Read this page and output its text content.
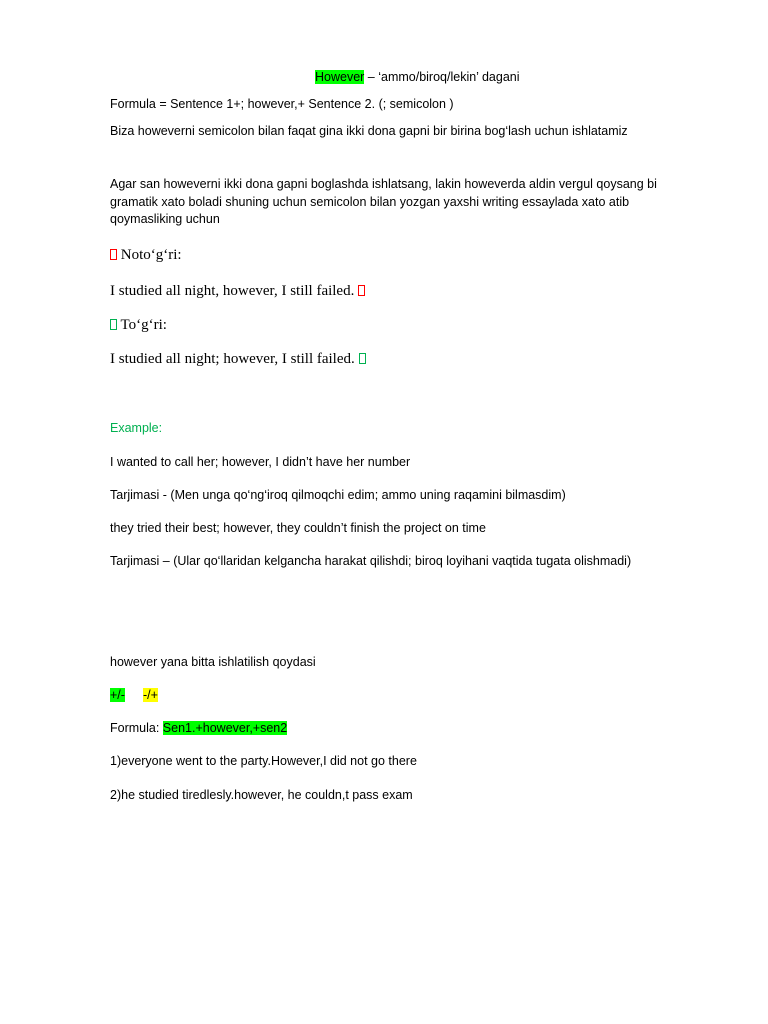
However – ‘ammo/biroq/lekin’ dagani
Formula = Sentence 1+; however,+ Sentence 2. (; semicolon )
Biza howeverni semicolon bilan faqat gina ikki dona gapni bir birina bog‘lash uchun ishlatamiz
Agar san howeverni ikki dona gapni boglashda ishlatsang, lakin howeverda aldin vergul qoysang bi gramatik xato boladi shuning uchun semicolon bilan yozgan yaxshi writing essaylada xato atib qoymasliking uchun
Noto‘g‘ri:
I studied all night, however, I still failed.
To‘g‘ri:
I studied all night; however, I still failed.
Example:
I wanted to call her; however, I didn’t have her number
Tarjimasi - (Men unga qo‘ng‘iroq qilmoqchi edim; ammo uning raqamini bilmasdim)
they tried their best; however, they couldn’t finish the project on time
Tarjimasi – (Ular qo‘llaridan kelgancha harakat qilishdi; biroq loyihani vaqtida tugata olishmadi)
however yana bitta ishlatilish qoydasi
+/- -/+
Formula: Sen1.+however,+sen2
1)everyone went to the party.However,I did not go there
2)he studied tiredlesly.however, he couldn,t pass exam
